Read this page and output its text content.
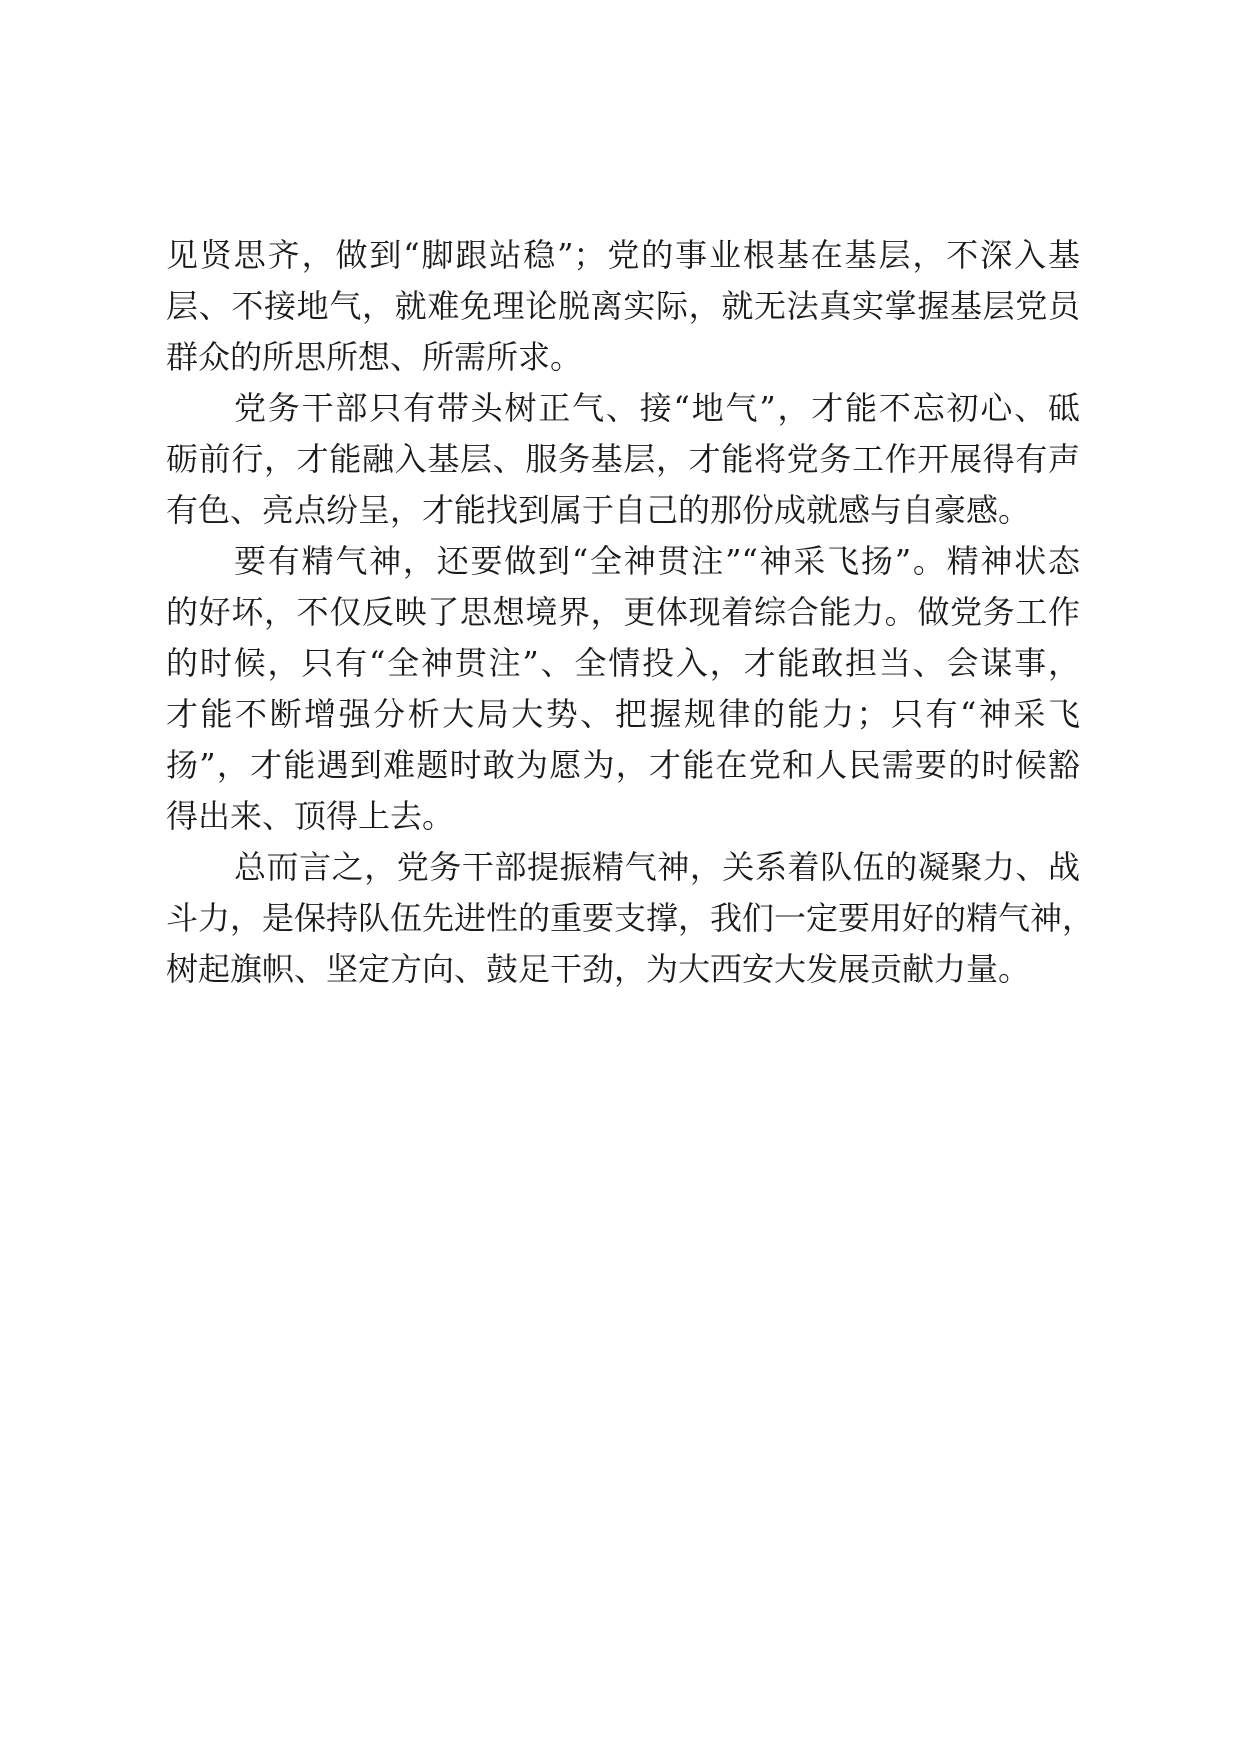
见贤思齐，做到“脚跟站稳”；党的事业根基在基层，不深入基
层、不接地气，就难免理论脱离实际，就无法真实掌握基层党员
群众的所思所想、所需所求。
党务干部只有带头树正气、接“地气”，才能不忘初心、砥
砺前行，才能融入基层、服务基层，才能将党务工作开展得有声
有色、亮点纷呈，才能找到属于自己的那份成就感与自豪感。
要有精气神，还要做到“全神贯注”“神采飞扬”。精神状态
的好坏，不仅反映了思想境界，更体现着综合能力。做党务工作
的时候，只有“全神贯注”、全情投入，才能敢担当、会谋事，
才能不断增强分析大局大势、把握规律的能力；只有“神采飞
扬”，才能遇到难题时敢为愿为，才能在党和人民需要的时候豁
得出来、顶得上去。
总而言之，党务干部提振精气神，关系着队伍的凝聚力、战
斗力，是保持队伍先进性的重要支撑，我们一定要用好的精气神，
树起旗帜、坚定方向、鼓足干劲，为大西安大发展贡献力量。
